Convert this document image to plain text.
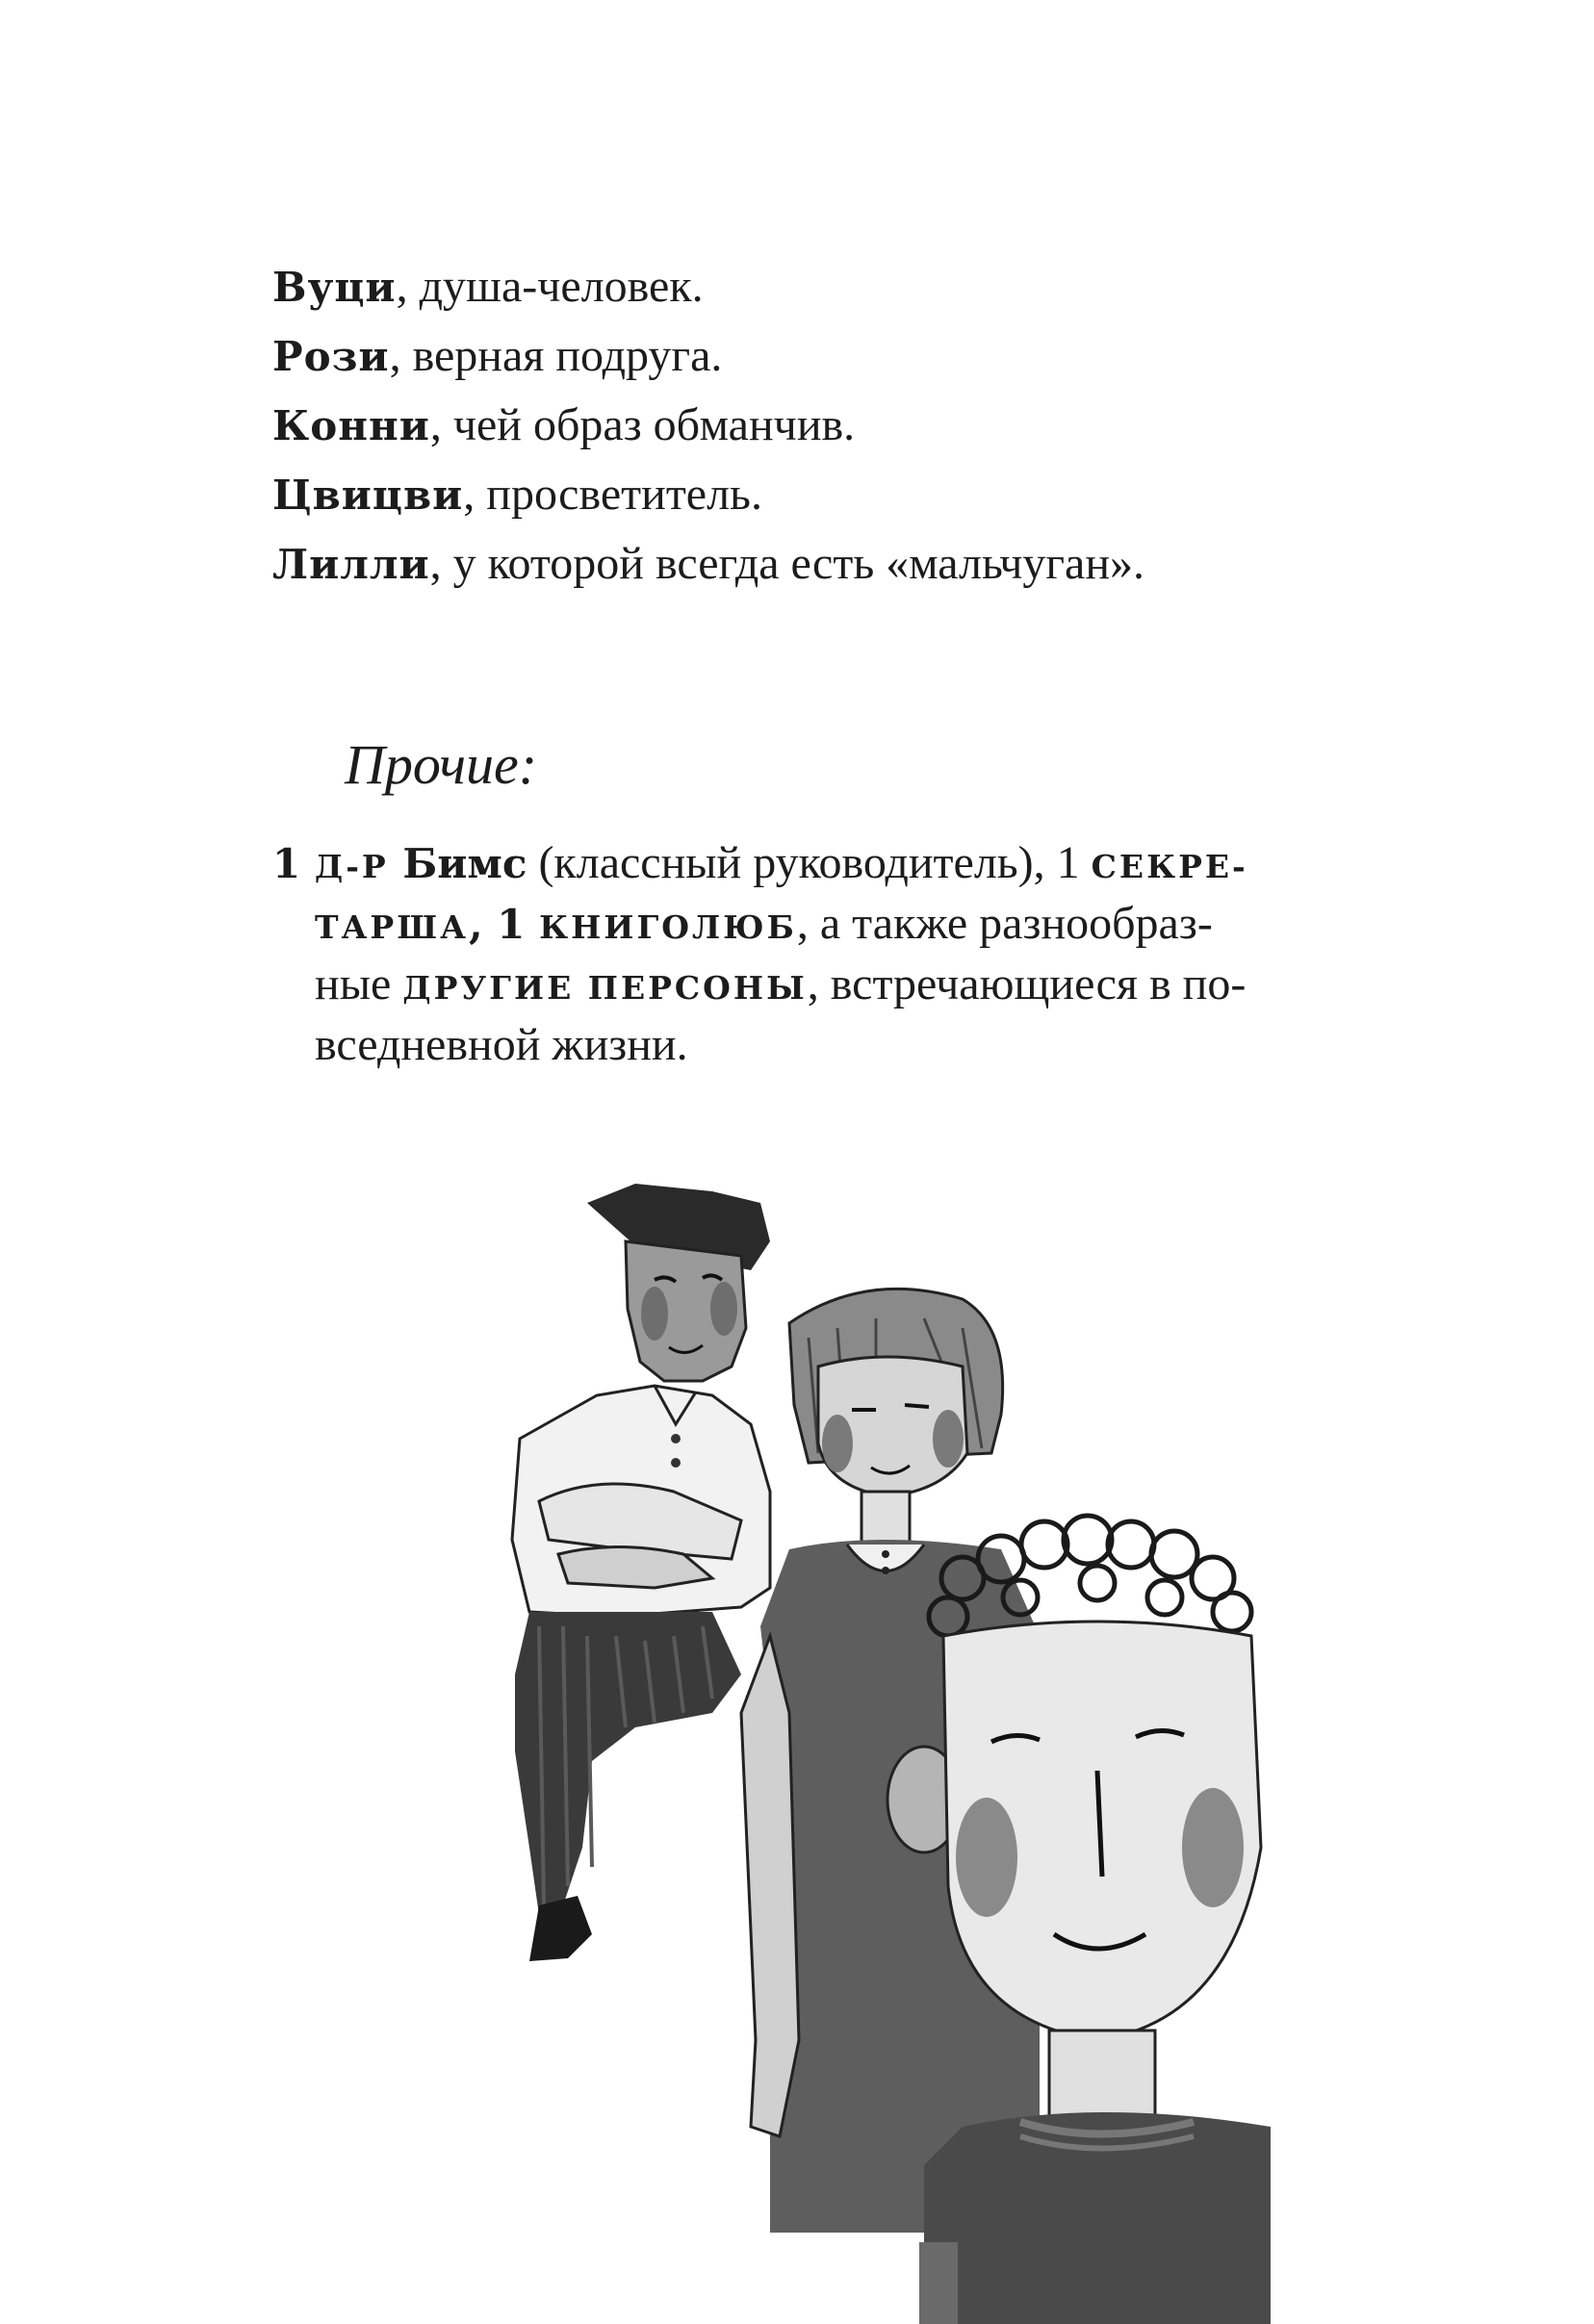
Вуци, душа-человек.
Рози, верная подруга.
Конни, чей образ обманчив.
Цвицви, просветитель.
Лилли, у которой всегда есть «мальчуган».
Прочие:
1 Д-Р Бимс (классный руководитель), 1 СЕКРЕ-
ТАРША, 1 КНИГОЛЮБ, а также разнообраз-
ные ДРУГИЕ ПЕРСОНЫ, встречающиеся в по-
вседневной жизни.
